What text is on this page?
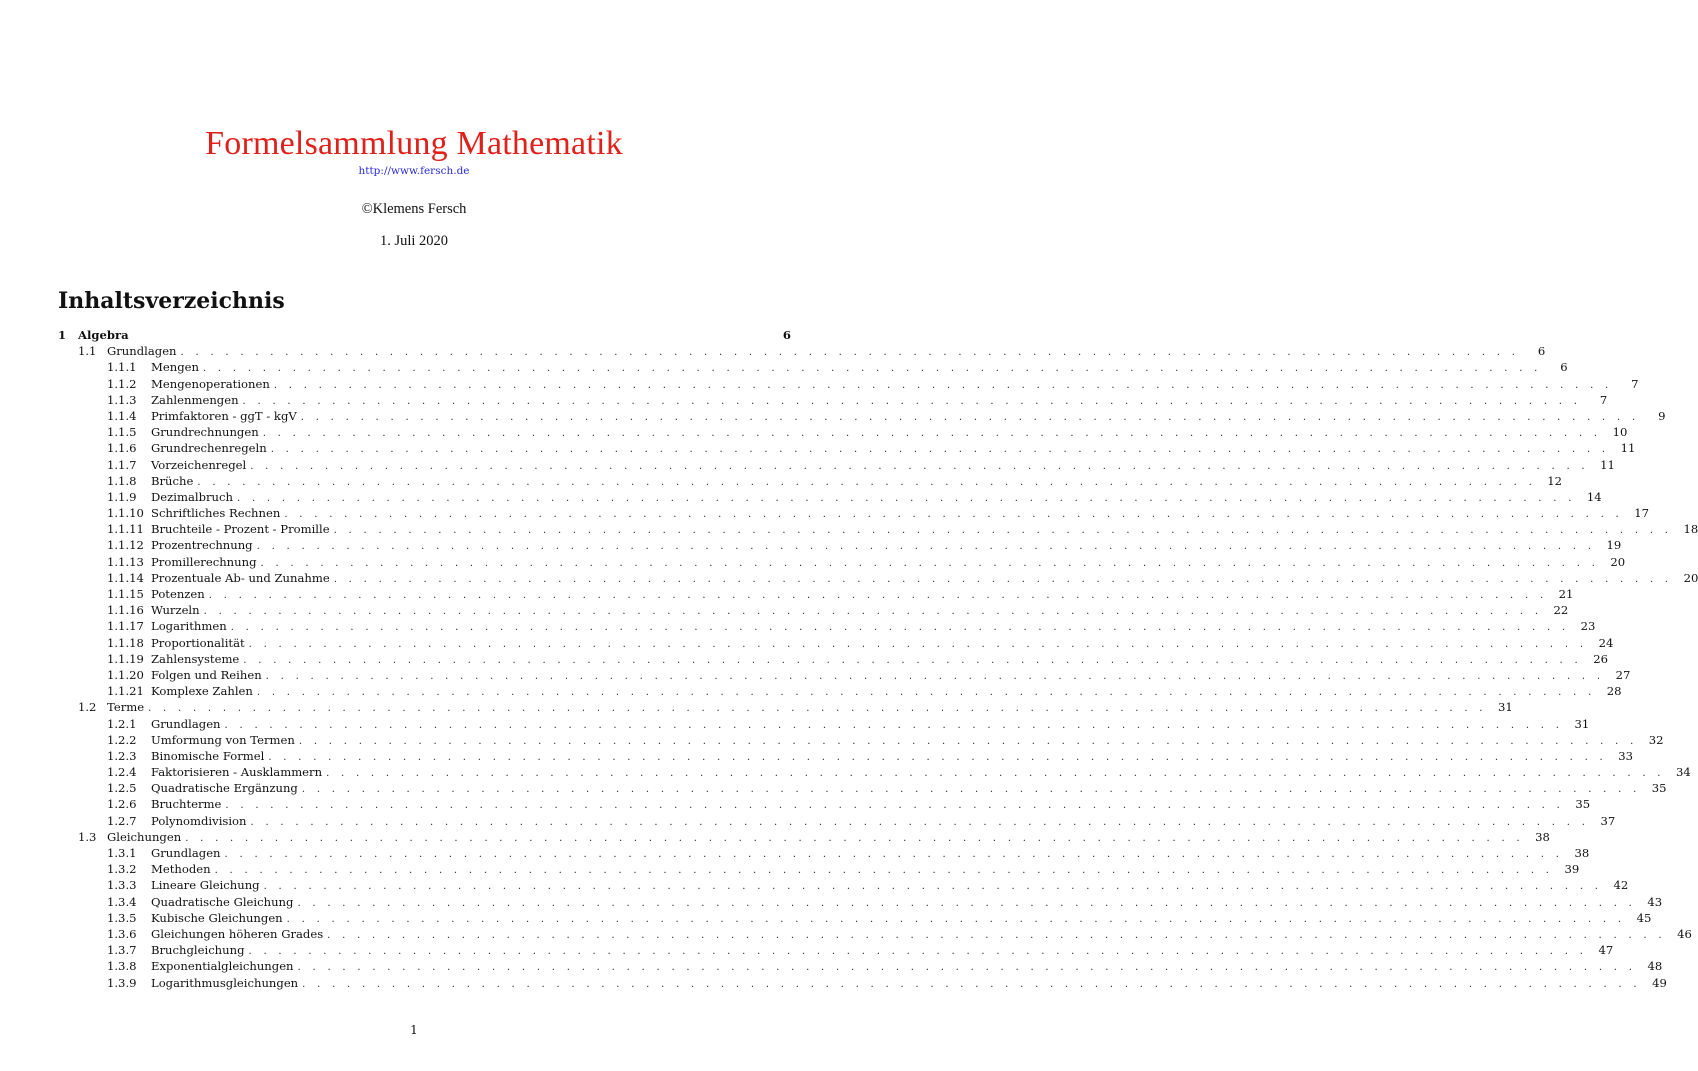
Formelsammlung Mathematik
http://www.fersch.de
©Klemens Fersch
1. Juli 2020
Inhaltsverzeichnis
1	Algebra	6
1.1 Grundlagen . . . . . . . . . . . . . . . . . . . . . . . . . . . . . . . . . . . . . . . . . . . . . . . . . . . . . . . . . . . . . . . . . . . . . . . . . . . . . . . . . . . . . . . . . .	6
1.1.1	Mengen . . . . . . . . . . . . . . . . . . . . . . . . . . . . . . . . . . . . . . . . . . . . . . . . . . . . . . . . . . . . . . . . . . . . . . . . . . . . . . . . . . . . . . . . . .	6
1.1.2	Mengenoperationen . . . . . . . . . . . . . . . . . . . . . . . . . . . . . . . . . . . . . . . . . . . . . . . . . . . . . . . . . . . . . . . . . . . . . . . . . . . . . . . . . . . . . . . . . .	7
1.1.3	Zahlenmengen . . . . . . . . . . . . . . . . . . . . . . . . . . . . . . . . . . . . . . . . . . . . . . . . . . . . . . . . . . . . . . . . . . . . . . . . . . . . . . . . . . . . . . . . . .	7
1.1.4	Primfaktoren - ggT - kgV . . . . . . . . . . . . . . . . . . . . . . . . . . . . . . . . . . . . . . . . . . . . . . . . . . . . . . . . . . . . . . . . . . . . . . . . . . . . . . . . . . . . . . . . . .	9
1.1.5	Grundrechnungen . . . . . . . . . . . . . . . . . . . . . . . . . . . . . . . . . . . . . . . . . . . . . . . . . . . . . . . . . . . . . . . . . . . . . . . . . . . . . . . . . . . . . . . . . . 10
1.1.6	Grundrechenregeln . . . . . . . . . . . . . . . . . . . . . . . . . . . . . . . . . . . . . . . . . . . . . . . . . . . . . . . . . . . . . . . . . . . . . . . . . . . . . . . . . . . . . . . . . . 11
1.1.7	Vorzeichenregel . . . . . . . . . . . . . . . . . . . . . . . . . . . . . . . . . . . . . . . . . . . . . . . . . . . . . . . . . . . . . . . . . . . . . . . . . . . . . . . . . . . . . . . . . . 11
1.1.8	Brüche . . . . . . . . . . . . . . . . . . . . . . . . . . . . . . . . . . . . . . . . . . . . . . . . . . . . . . . . . . . . . . . . . . . . . . . . . . . . . . . . . . . . . . . . . . 12
1.1.9	Dezimalbruch . . . . . . . . . . . . . . . . . . . . . . . . . . . . . . . . . . . . . . . . . . . . . . . . . . . . . . . . . . . . . . . . . . . . . . . . . . . . . . . . . . . . . . . . . . 14
1.1.10 Schriftliches Rechnen . . . . . . . . . . . . . . . . . . . . . . . . . . . . . . . . . . . . . . . . . . . . . . . . . . . . . . . . . . . . . . . . . . . . . . . . . . . . . . . . . . . . . . . . . . 17
1.1.11 Bruchteile - Prozent - Promille . . . . . . . . . . . . . . . . . . . . . . . . . . . . . . . . . . . . . . . . . . . . . . . . . . . . . . . . . . . . . . . . . . . . . . . . . . . . . . . . . . . . . . . . . . 18
1.1.12 Prozentrechnung . . . . . . . . . . . . . . . . . . . . . . . . . . . . . . . . . . . . . . . . . . . . . . . . . . . . . . . . . . . . . . . . . . . . . . . . . . . . . . . . . . . . . . . . . . 19
1.1.13 Promillerechnung . . . . . . . . . . . . . . . . . . . . . . . . . . . . . . . . . . . . . . . . . . . . . . . . . . . . . . . . . . . . . . . . . . . . . . . . . . . . . . . . . . . . . . . . . . 20
1.1.14 Prozentuale Ab- und Zunahme . . . . . . . . . . . . . . . . . . . . . . . . . . . . . . . . . . . . . . . . . . . . . . . . . . . . . . . . . . . . . . . . . . . . . . . . . . . . . . . . . . . . . . . . . . 20
1.1.15 Potenzen . . . . . . . . . . . . . . . . . . . . . . . . . . . . . . . . . . . . . . . . . . . . . . . . . . . . . . . . . . . . . . . . . . . . . . . . . . . . . . . . . . . . . . . . . . 21
1.1.16 Wurzeln . . . . . . . . . . . . . . . . . . . . . . . . . . . . . . . . . . . . . . . . . . . . . . . . . . . . . . . . . . . . . . . . . . . . . . . . . . . . . . . . . . . . . . . . . . 22
1.1.17 Logarithmen . . . . . . . . . . . . . . . . . . . . . . . . . . . . . . . . . . . . . . . . . . . . . . . . . . . . . . . . . . . . . . . . . . . . . . . . . . . . . . . . . . . . . . . . . . 23
1.1.18 Proportionalität . . . . . . . . . . . . . . . . . . . . . . . . . . . . . . . . . . . . . . . . . . . . . . . . . . . . . . . . . . . . . . . . . . . . . . . . . . . . . . . . . . . . . . . . . . 24
1.1.19 Zahlensysteme . . . . . . . . . . . . . . . . . . . . . . . . . . . . . . . . . . . . . . . . . . . . . . . . . . . . . . . . . . . . . . . . . . . . . . . . . . . . . . . . . . . . . . . . . . 26
1.1.20 Folgen und Reihen . . . . . . . . . . . . . . . . . . . . . . . . . . . . . . . . . . . . . . . . . . . . . . . . . . . . . . . . . . . . . . . . . . . . . . . . . . . . . . . . . . . . . . . . . . 27
1.1.21 Komplexe Zahlen . . . . . . . . . . . . . . . . . . . . . . . . . . . . . . . . . . . . . . . . . . . . . . . . . . . . . . . . . . . . . . . . . . . . . . . . . . . . . . . . . . . . . . . . . . 28
1.2 Terme . . . . . . . . . . . . . . . . . . . . . . . . . . . . . . . . . . . . . . . . . . . . . . . . . . . . . . . . . . . . . . . . . . . . . . . . . . . . . . . . . . . . . . . . . . 31
1.2.1	Grundlagen . . . . . . . . . . . . . . . . . . . . . . . . . . . . . . . . . . . . . . . . . . . . . . . . . . . . . . . . . . . . . . . . . . . . . . . . . . . . . . . . . . . . . . . . . . 31
1.2.2	Umformung von Termen . . . . . . . . . . . . . . . . . . . . . . . . . . . . . . . . . . . . . . . . . . . . . . . . . . . . . . . . . . . . . . . . . . . . . . . . . . . . . . . . . . . . . . . . . . 32
1.2.3	Binomische Formel . . . . . . . . . . . . . . . . . . . . . . . . . . . . . . . . . . . . . . . . . . . . . . . . . . . . . . . . . . . . . . . . . . . . . . . . . . . . . . . . . . . . . . . . . . 33
1.2.4	Faktorisieren - Ausklammern . . . . . . . . . . . . . . . . . . . . . . . . . . . . . . . . . . . . . . . . . . . . . . . . . . . . . . . . . . . . . . . . . . . . . . . . . . . . . . . . . . . . . . . . . . 34
1.2.5	Quadratische Ergänzung . . . . . . . . . . . . . . . . . . . . . . . . . . . . . . . . . . . . . . . . . . . . . . . . . . . . . . . . . . . . . . . . . . . . . . . . . . . . . . . . . . . . . . . . . . 35
1.2.6	Bruchterme . . . . . . . . . . . . . . . . . . . . . . . . . . . . . . . . . . . . . . . . . . . . . . . . . . . . . . . . . . . . . . . . . . . . . . . . . . . . . . . . . . . . . . . . . . 35
1.2.7	Polynomdivision . . . . . . . . . . . . . . . . . . . . . . . . . . . . . . . . . . . . . . . . . . . . . . . . . . . . . . . . . . . . . . . . . . . . . . . . . . . . . . . . . . . . . . . . . . 37
1.3 Gleichungen . . . . . . . . . . . . . . . . . . . . . . . . . . . . . . . . . . . . . . . . . . . . . . . . . . . . . . . . . . . . . . . . . . . . . . . . . . . . . . . . . . . . . . . . . . 38
1.3.1	Grundlagen . . . . . . . . . . . . . . . . . . . . . . . . . . . . . . . . . . . . . . . . . . . . . . . . . . . . . . . . . . . . . . . . . . . . . . . . . . . . . . . . . . . . . . . . . . 38
1.3.2	Methoden . . . . . . . . . . . . . . . . . . . . . . . . . . . . . . . . . . . . . . . . . . . . . . . . . . . . . . . . . . . . . . . . . . . . . . . . . . . . . . . . . . . . . . . . . . 39
1.3.3	Lineare Gleichung . . . . . . . . . . . . . . . . . . . . . . . . . . . . . . . . . . . . . . . . . . . . . . . . . . . . . . . . . . . . . . . . . . . . . . . . . . . . . . . . . . . . . . . . . . 42
1.3.4	Quadratische Gleichung . . . . . . . . . . . . . . . . . . . . . . . . . . . . . . . . . . . . . . . . . . . . . . . . . . . . . . . . . . . . . . . . . . . . . . . . . . . . . . . . . . . . . . . . . . 43
1.3.5	Kubische Gleichungen . . . . . . . . . . . . . . . . . . . . . . . . . . . . . . . . . . . . . . . . . . . . . . . . . . . . . . . . . . . . . . . . . . . . . . . . . . . . . . . . . . . . . . . . . . 45
1.3.6	Gleichungen höheren Grades . . . . . . . . . . . . . . . . . . . . . . . . . . . . . . . . . . . . . . . . . . . . . . . . . . . . . . . . . . . . . . . . . . . . . . . . . . . . . . . . . . . . . . . . . . 46
1.3.7	Bruchgleichung . . . . . . . . . . . . . . . . . . . . . . . . . . . . . . . . . . . . . . . . . . . . . . . . . . . . . . . . . . . . . . . . . . . . . . . . . . . . . . . . . . . . . . . . . . 47
1.3.8	Exponentialgleichungen . . . . . . . . . . . . . . . . . . . . . . . . . . . . . . . . . . . . . . . . . . . . . . . . . . . . . . . . . . . . . . . . . . . . . . . . . . . . . . . . . . . . . . . . . . 48
1.3.9	Logarithmusgleichungen . . . . . . . . . . . . . . . . . . . . . . . . . . . . . . . . . . . . . . . . . . . . . . . . . . . . . . . . . . . . . . . . . . . . . . . . . . . . . . . . . . . . . . . . . . 49
1
